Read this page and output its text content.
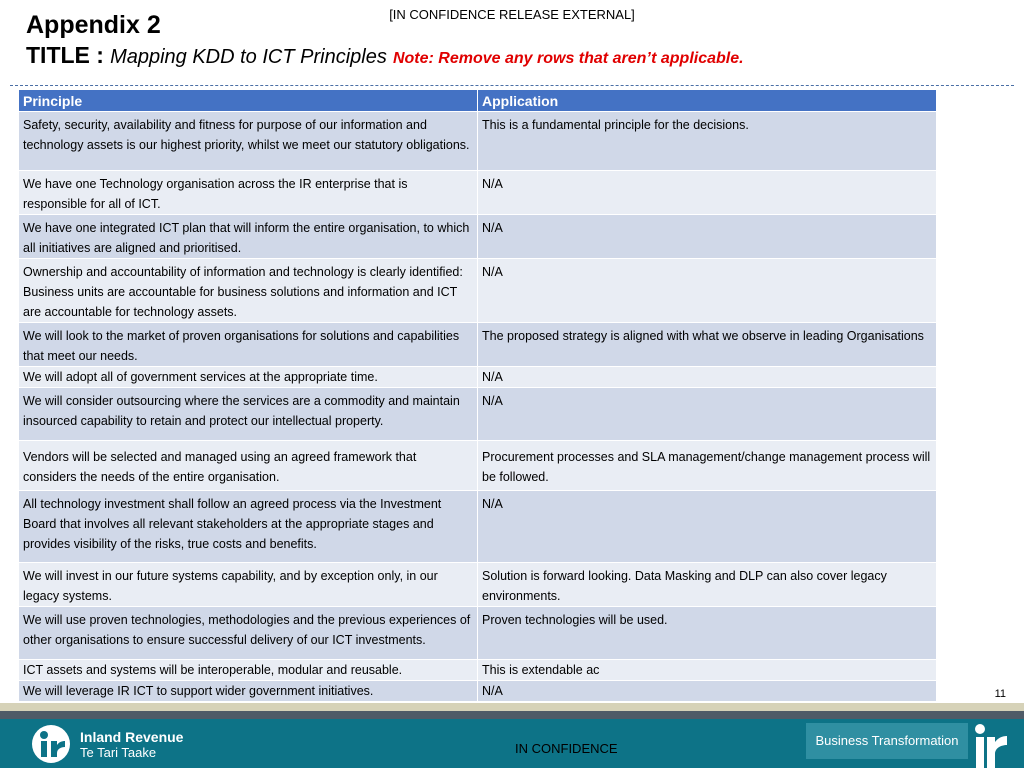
[IN CONFIDENCE RELEASE EXTERNAL]
Appendix 2
TITLE : Mapping KDD to ICT Principles Note: Remove any rows that aren’t applicable.
Principle	Application
Safety, security, availability and fitness for purpose of our information and technology assets is our highest priority, whilst we meet our statutory obligations.	This is a fundamental principle for the decisions.
We have one Technology organisation across the IR enterprise that is responsible for all of ICT.	N/A
We have one integrated ICT plan that will inform the entire organisation, to which all initiatives are aligned and prioritised.	N/A
Ownership and accountability of information and technology is clearly identified: Business units are accountable for business solutions and information and ICT are accountable for technology assets.	N/A
We will look to the market of proven organisations for solutions and capabilities that meet our needs.	The proposed strategy is aligned with what we observe in leading Organisations
We will adopt all of government services at the appropriate time.	N/A
We will consider outsourcing where the services are a commodity and maintain insourced capability to retain and protect our intellectual property.	N/A
Vendors will be selected and managed using an agreed framework that considers the needs of the entire organisation.	Procurement processes and SLA management/change management process will be followed.
All technology investment shall follow an agreed process via the Investment Board that involves all relevant stakeholders at the appropriate stages and provides visibility of the risks, true costs and benefits.	N/A
We will invest in our future systems capability, and by exception only, in our legacy systems.	Solution is forward looking. Data Masking and DLP can also cover legacy environments.
We will use proven technologies, methodologies and the previous experiences of other organisations to ensure successful delivery of our ICT investments.	Proven technologies will be used.
ICT assets and systems will be interoperable, modular and reusable.	This is extendable ac
We will leverage IR ICT to support wider government initiatives.	N/A	11
Inland Revenue
Te Tari Taake	IN CONFIDENCE
Business Transformation
